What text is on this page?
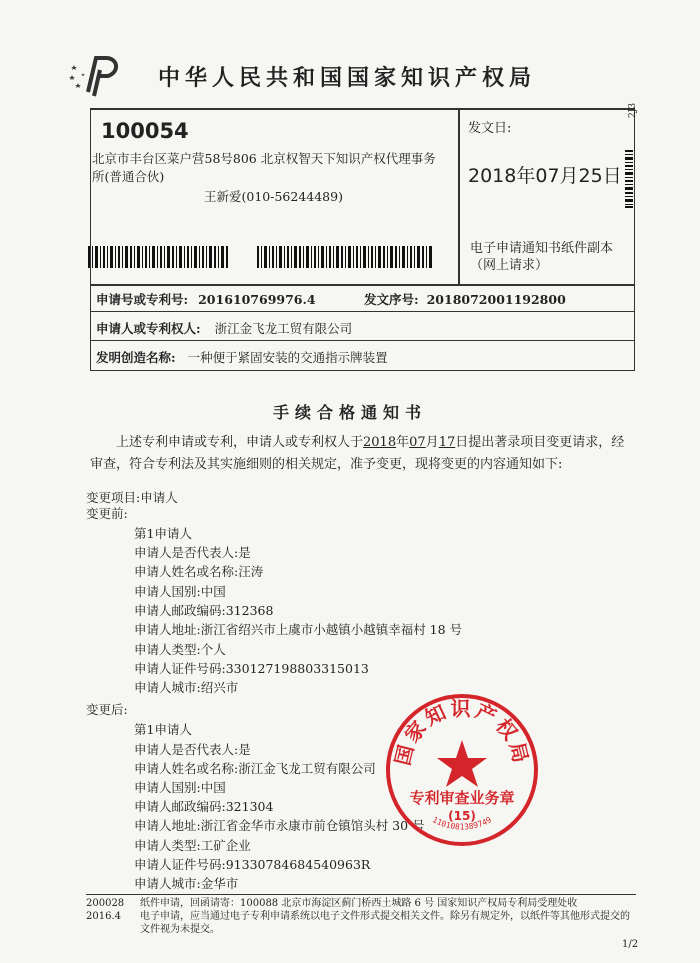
中华人民共和国国家知识产权局
100054
北京市丰台区菜户营58号806 北京权智天下知识产权代理事务所(普通合伙)
王新爱(010-56244489)
发文日:
2018年07月25日
2J3
电子申请通知书纸件副本（网上请求）
申请号或专利号: 201610769976.4	发文序号: 2018072001192800
申请人或专利权人: 浙江金飞龙工贸有限公司
发明创造名称: 一种便于紧固安装的交通指示牌装置
手续合格通知书
上述专利申请或专利，申请人或专利权人于2018年07月17日提出著录项目变更请求，经审查，符合专利法及其实施细则的相关规定，准予变更，现将变更的内容通知如下:
变更项目:申请人
变更前:
第1申请人
申请人是否代表人:是
申请人姓名或名称:汪涛
申请人国别:中国
申请人邮政编码:312368
申请人地址:浙江省绍兴市上虞市小越镇小越镇幸福村 18 号
申请人类型:个人
申请人证件号码:330127198803315013
申请人城市:绍兴市
变更后:
第1申请人
申请人是否代表人:是
申请人姓名或名称:浙江金飞龙工贸有限公司
申请人国别:中国
申请人邮政编码:321304
申请人地址:浙江省金华市永康市前仓镇馆头村 30 号
申请人类型:工矿企业
申请人证件号码:91330784684540963R
申请人城市:金华市
国家知识产权局
专利审查业务章
(15)
1101081389749
200028
2016.4
纸件申请，回函请寄：100088 北京市海淀区蓟门桥西土城路 6 号 国家知识产权局专利局受理处收
电子申请，应当通过电子专利申请系统以电子文件形式提交相关文件。除另有规定外，以纸件等其他形式提交的
文件视为未提交。
1/2
